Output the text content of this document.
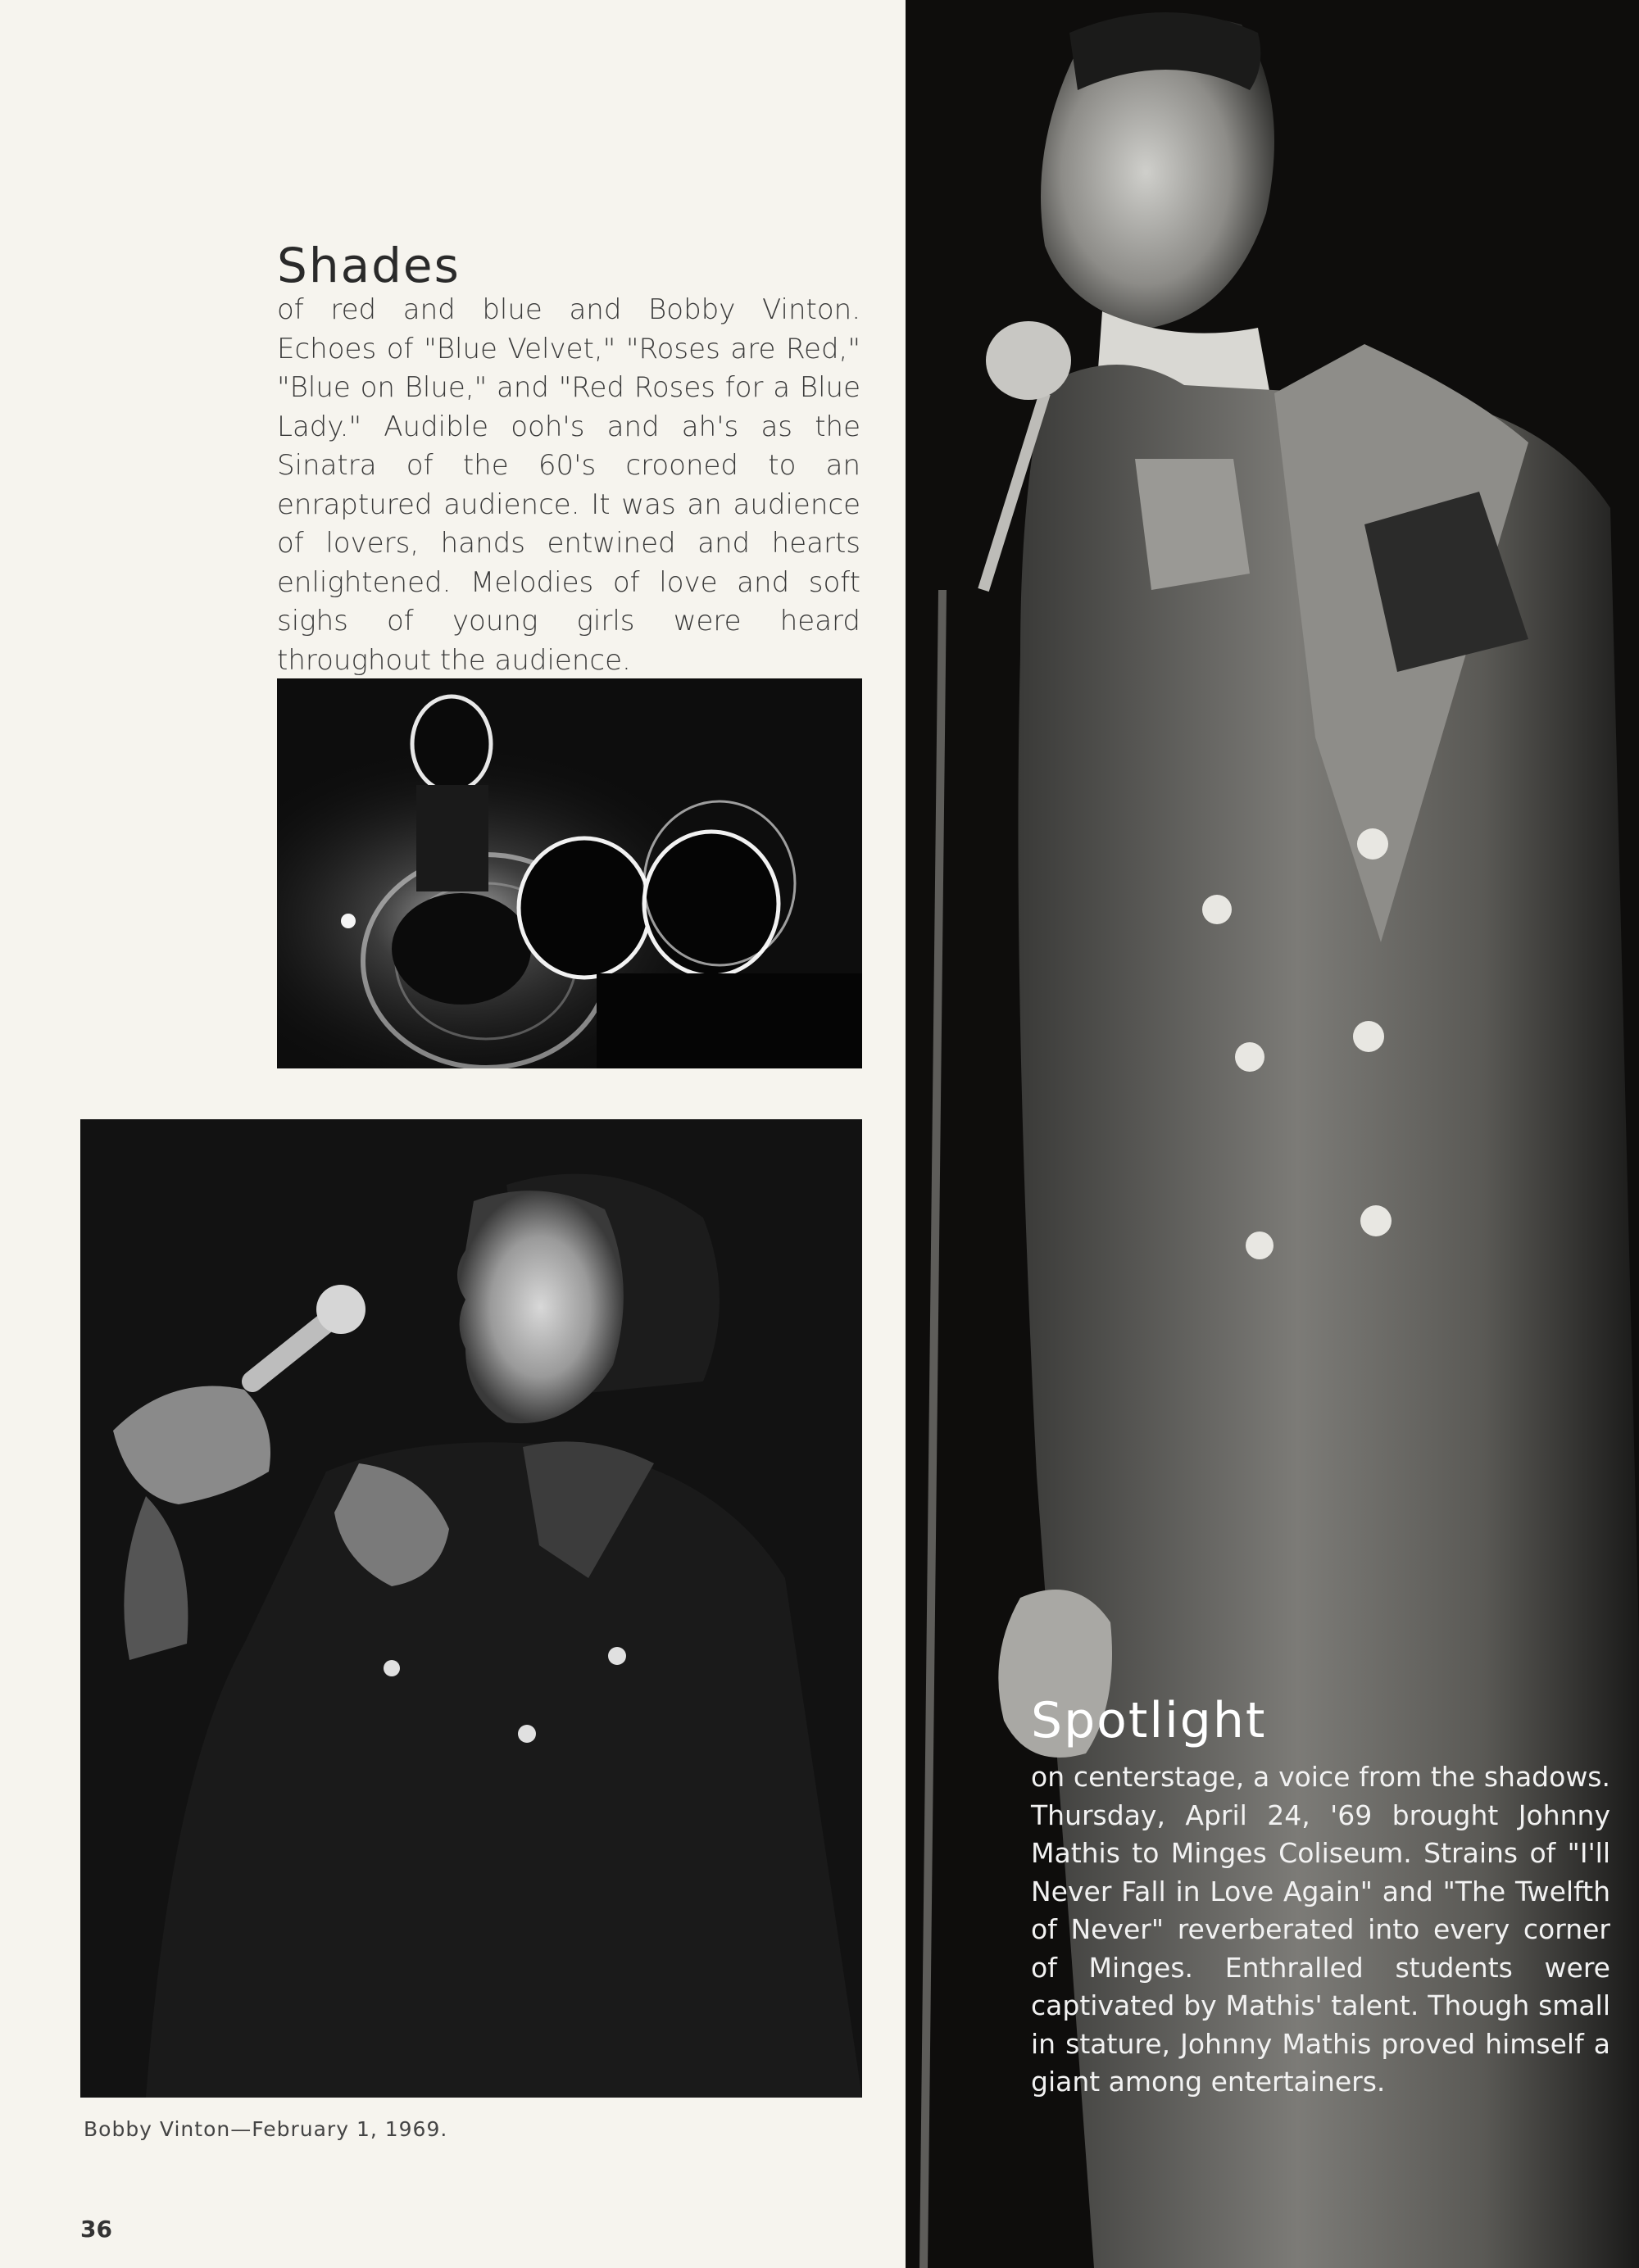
Shades

of red and blue and Bobby Vinton. Echoes of "Blue Velvet," "Roses are Red," "Blue on Blue," and "Red Roses for a Blue Lady." Audible ooh's and ah's as the Sinatra of the 60's crooned to an enraptured audience. It was an audience of lovers, hands entwined and hearts enlightened. Melodies of love and soft sighs of young girls were heard throughout the audience.

Bobby Vinton—February 1, 1969.

36

Spotlight

on centerstage, a voice from the shadows. Thursday, April 24, '69 brought Johnny Mathis to Minges Coliseum. Strains of "I'll Never Fall in Love Again" and "The Twelfth of Never" reverberated into every corner of Minges. Enthralled students were captivated by Mathis' talent. Though small in stature, Johnny Mathis proved himself a giant among entertainers.
